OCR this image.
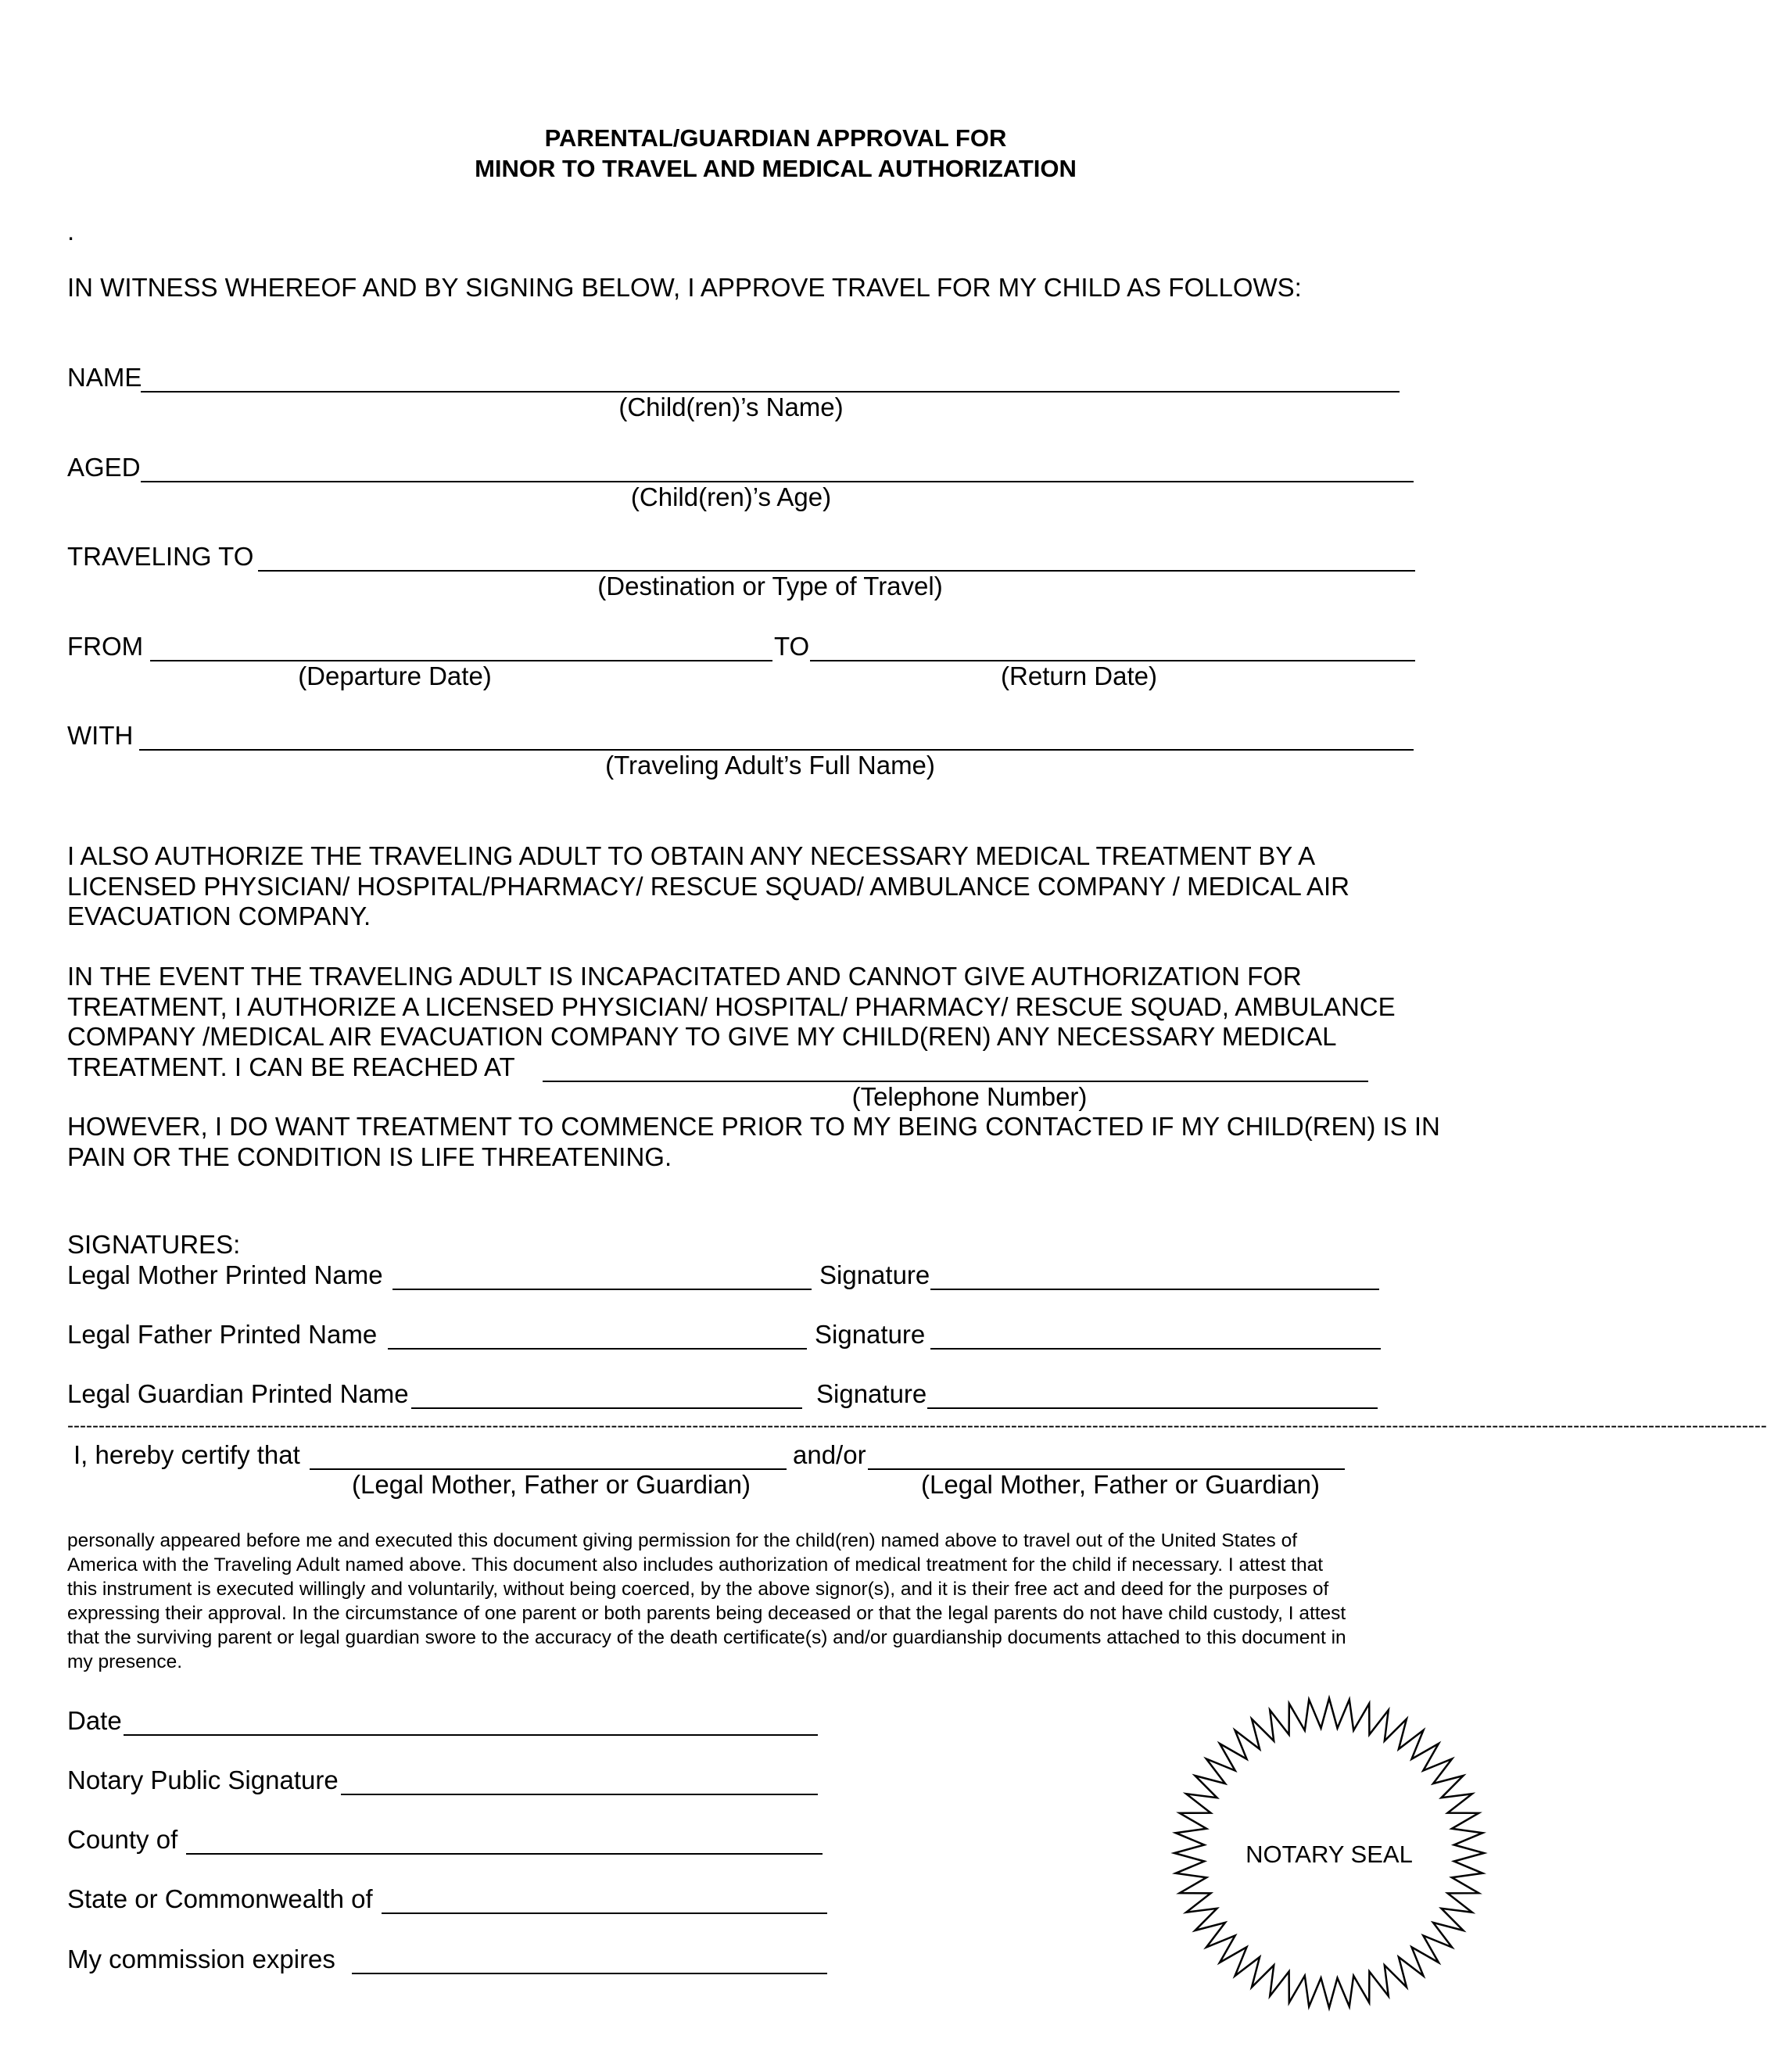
PARENTAL/GUARDIAN APPROVAL FOR
MINOR TO TRAVEL AND MEDICAL AUTHORIZATION
.
IN WITNESS WHEREOF AND BY SIGNING BELOW, I APPROVE TRAVEL FOR MY CHILD AS FOLLOWS:
NAME
(Child(ren)’s Name)
AGED
(Child(ren)’s Age)
TRAVELING TO
(Destination or Type of Travel)
FROM	TO
(Departure Date)	(Return Date)
WITH
(Traveling Adult’s Full Name)
I ALSO AUTHORIZE THE TRAVELING ADULT TO OBTAIN ANY NECESSARY MEDICAL TREATMENT BY A
LICENSED PHYSICIAN/ HOSPITAL/PHARMACY/ RESCUE SQUAD/ AMBULANCE COMPANY / MEDICAL AIR
EVACUATION COMPANY.
IN THE EVENT THE TRAVELING ADULT IS INCAPACITATED AND CANNOT GIVE AUTHORIZATION FOR
TREATMENT, I AUTHORIZE A LICENSED PHYSICIAN/ HOSPITAL/ PHARMACY/ RESCUE SQUAD, AMBULANCE
COMPANY /MEDICAL AIR EVACUATION COMPANY TO GIVE MY CHILD(REN) ANY NECESSARY MEDICAL
TREATMENT. I CAN BE REACHED AT
(Telephone Number)
HOWEVER, I DO WANT TREATMENT TO COMMENCE PRIOR TO MY BEING CONTACTED IF MY CHILD(REN) IS IN
PAIN OR THE CONDITION IS LIFE THREATENING.
SIGNATURES:
Legal Mother Printed Name	Signature
Legal Father Printed Name	Signature
Legal Guardian Printed Name	Signature
--------------------------------------------------------------------------------------------------------------------------------------------------------------------------------------------------------------------------------------------------------------------------------
I, hereby certify that	and/or
(Legal Mother, Father or Guardian)	(Legal Mother, Father or Guardian)
personally appeared before me and executed this document giving permission for the child(ren) named above to travel out of the United States of
America with the Traveling Adult named above. This document also includes authorization of medical treatment for the child if necessary. I attest that
this instrument is executed willingly and voluntarily, without being coerced, by the above signor(s), and it is their free act and deed for the purposes of
expressing their approval. In the circumstance of one parent or both parents being deceased or that the legal parents do not have child custody, I attest
that the surviving parent or legal guardian swore to the accuracy of the death certificate(s) and/or guardianship documents attached to this document in
my presence.
Date
Notary Public Signature
County of
State or Commonwealth of
My commission expires
NOTARY SEAL
